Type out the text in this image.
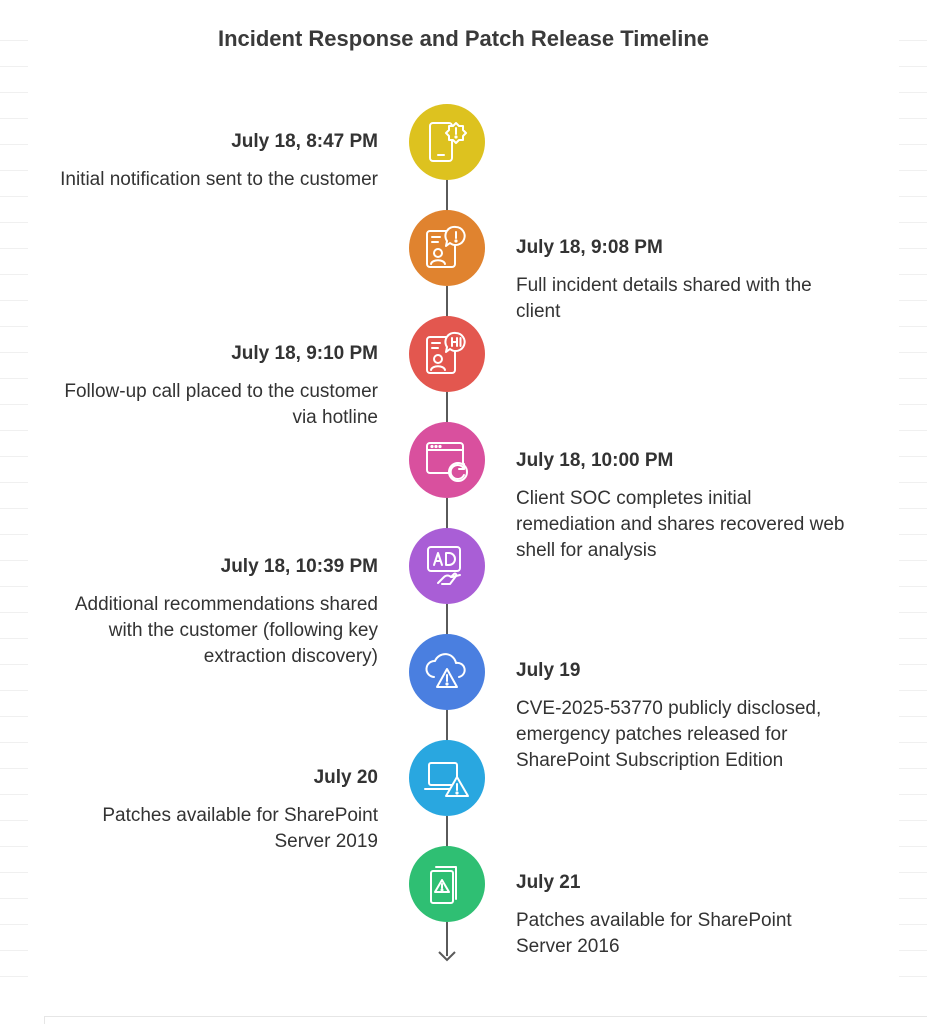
Incident Response and Patch Release Timeline
July 18, 8:47 PM
Initial notification sent to the customer
July 18, 9:08 PM
Full incident details shared with the client
July 18, 9:10 PM
Follow-up call placed to the customer via hotline
July 18, 10:00 PM
Client SOC completes initial remediation and shares recovered web shell for analysis
July 18, 10:39 PM
Additional recommendations shared with the customer (following key extraction discovery)
July 19
CVE-2025-53770 publicly disclosed, emergency patches released for SharePoint Subscription Edition
July 20
Patches available for SharePoint Server 2019
July 21
Patches available for SharePoint Server 2016
